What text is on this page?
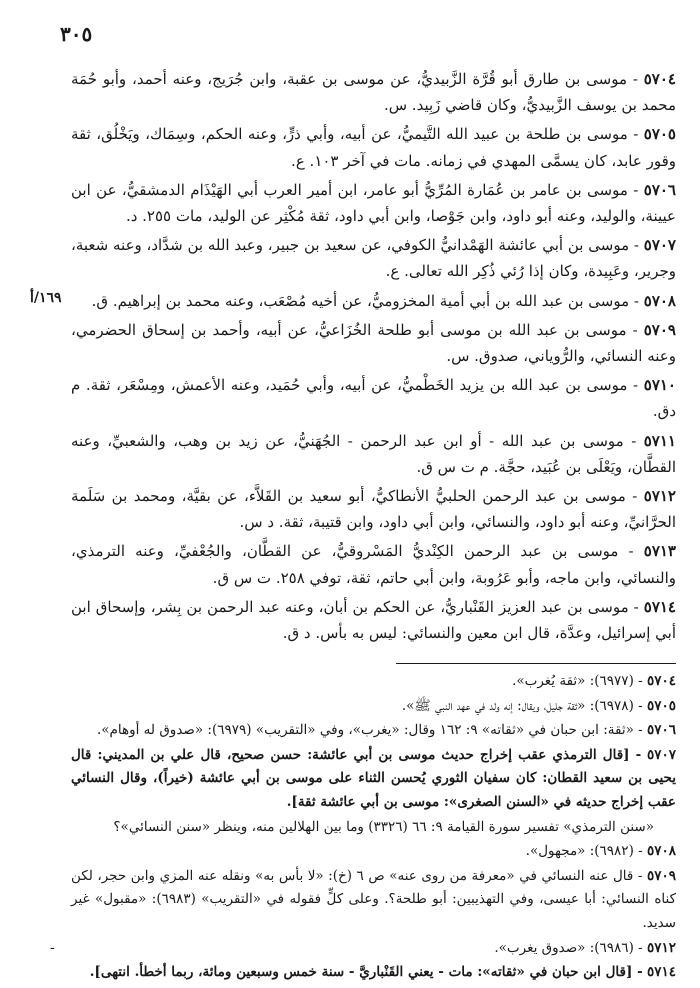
٣٠٥
١٦٩/أ

٥٧٠٤ - موسى بن طارق أبو قُرَّة الزَّبيديُّ، عن موسى بن عقبة، وابن جُرَيج، وعنه أحمد، وأبو حُمَة محمد بن يوسف الزَّبيديُّ، وكان قاضي زَبِيد. س.

٥٧٠٥ - موسى بن طلحة بن عبيد الله التَّيميُّ، عن أبيه، وأبي ذرٍّ، وعنه الحكم، وسِمَاك، ويَخْلُق، ثقة وقور عابد، كان يسمَّى المهدي في زمانه. مات في آخر ١٠٣. ع.

٥٧٠٦ - موسى بن عامر بن عُمَارة المُرِّيُّ أبو عامر، ابن أمير العرب أبي الهَيْذَام الدمشقيُّ، عن ابن عيينة، والوليد، وعنه أبو داود، وابن جَوْصا، وابن أبي داود، ثقة مُكْثِر عن الوليد، مات ٢٥٥. د.

٥٧٠٧ - موسى بن أبي عائشة الهَمْدانيُّ الكوفي، عن سعيد بن جبير، وعبد الله بن شدَّاد، وعنه شعبة، وجرير، وعَبِيدة، وكان إذا رُئي ذُكِر الله تعالى. ع.

٥٧٠٨ - موسى بن عبد الله بن أبي أمية المخزوميُّ، عن أخيه مُصْعَب، وعنه محمد بن إبراهيم. ق.

٥٧٠٩ - موسى بن عبد الله بن موسى أبو طلحة الخُزَاعيُّ، عن أبيه، وأحمد بن إسحاق الحضرمي، وعنه النسائي، والرُّوياني، صدوق. س.

٥٧١٠ - موسى بن عبد الله بن يزيد الخَطْميُّ، عن أبيه، وأبي حُمَيد، وعنه الأعمش، ومِسْعَر، ثقة. م دق.

٥٧١١ - موسى بن عبد الله - أو ابن عبد الرحمن - الجُهَنيُّ، عن زيد بن وهب، والشعبيِّ، وعنه القطَّان، ويَعْلَى بن عُبَيد، حجَّة. م ت س ق.

٥٧١٢ - موسى بن عبد الرحمن الحلبيُّ الأنطاكيُّ، أبو سعيد بن القَلاَّء، عن بقيَّة، ومحمد بن سَلَمة الحرَّانيِّ، وعنه أبو داود، والنسائي، وابن أبي داود، وابن قتيبة، ثقة. د س.

٥٧١٣ - موسى بن عبد الرحمن الكِنْديُّ المَسْروقيُّ، عن القطَّان، والجُعْفيِّ، وعنه الترمذي، والنسائي، وابن ماجه، وأبو عَرُوبة، وابن أبي حاتم، ثقة، توفي ٢٥٨. ت س ق.

٥٧١٤ - موسى بن عبد العزيز القَنْباريُّ، عن الحكم بن أبان، وعنه عبد الرحمن بن بِشر، وإسحاق ابن أبي إسرائيل، وعدَّة، قال ابن معين والنسائي: ليس به بأس. د ق.

٥٧٠٤ - (٦٩٧٧): «ثقة يُغرب».

٥٧٠٥ - (٦٩٧٨): «ثقة جليل، ويقال: إنه ولد في عهد النبي ﷺ».

٥٧٠٦ - «ثقة: ابن حبان في «ثقاته» ٩: ١٦٢ وقال: «يغرب»، وفي «التقريب» (٦٩٧٩): «صدوق له أوهام».

٥٧٠٧ - [قال الترمذي عقب إخراج حديث موسى بن أبي عائشة: حسن صحيح، قال علي بن المديني: قال يحيى بن سعيد القطان: كان سفيان الثوري يُحسن الثناء على موسى بن أبي عائشة (خيراً)، وقال النسائي عقب إخراج حديثه في «السنن الصغرى»: موسى بن أبي عائشة ثقة].

«سنن الترمذي» تفسير سورة القيامة ٩: ٦٦ (٣٣٢٦) وما بين الهلالين منه، وينظر «سنن النسائي»؟

٥٧٠٨ - (٦٩٨٢): «مجهول».

٥٧٠٩ - قال عنه النسائي في «معرفة من روى عنه» ص ٦ (خ): «لا بأس به» ونقله عنه المزي وابن حجر، لكن كناه النسائي: أبا عيسى، وفي التهذيبين: أبو طلحة؟. وعلى كلٍّ فقوله في «التقريب» (٦٩٨٣): «مقبول» غير سديد.

٥٧١٢ - (٦٩٨٦): «صدوق يغرب».

٥٧١٤ - [قال ابن حبان في «ثقاته»: مات - يعني القَنْباريَّ - سنة خمس وسبعين ومائة، ربما أخطأ. انتهى].

-
